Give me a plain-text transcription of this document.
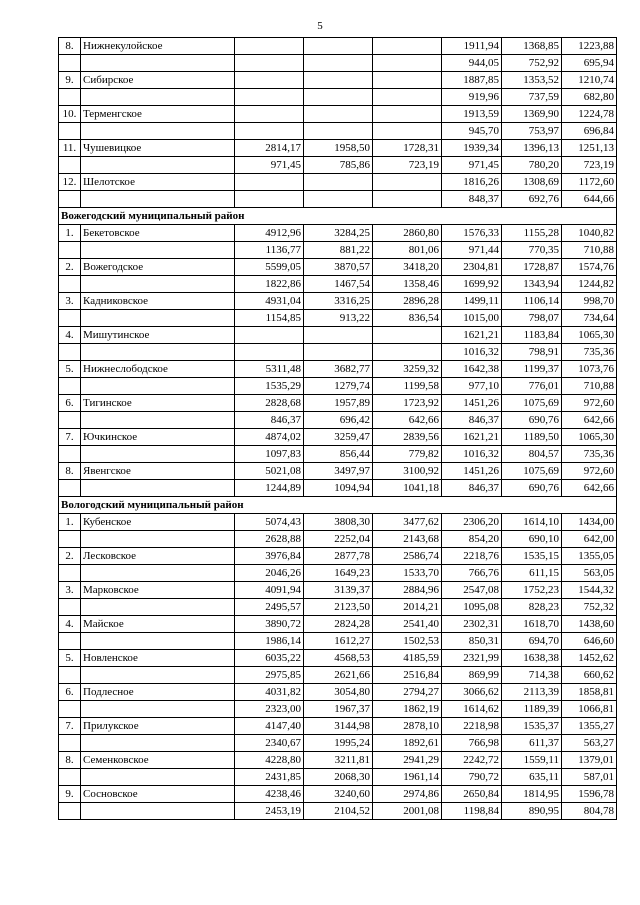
5
8.	Нижнекулойское				1911,94	1368,85	1223,88
					944,05	752,92	695,94
9.	Сибирское				1887,85	1353,52	1210,74
					919,96	737,59	682,80
10.	Терменгское				1913,59	1369,90	1224,78
					945,70	753,97	696,84
11.	Чушевицкое	2814,17	1958,50	1728,31	1939,34	1396,13	1251,13
		971,45	785,86	723,19	971,45	780,20	723,19
12.	Шелотское				1816,26	1308,69	1172,60
					848,37	692,76	644,66
Вожегодский муниципальный район							
1.	Бекетовское	4912,96	3284,25	2860,80	1576,33	1155,28	1040,82
		1136,77	881,22	801,06	971,44	770,35	710,88
2.	Вожегодское	5599,05	3870,57	3418,20	2304,81	1728,87	1574,76
		1822,86	1467,54	1358,46	1699,92	1343,94	1244,82
3.	Кадниковское	4931,04	3316,25	2896,28	1499,11	1106,14	998,70
		1154,85	913,22	836,54	1015,00	798,07	734,64
4.	Мишутинское				1621,21	1183,84	1065,30
					1016,32	798,91	735,36
5.	Нижнеслободское	5311,48	3682,77	3259,32	1642,38	1199,37	1073,76
		1535,29	1279,74	1199,58	977,10	776,01	710,88
6.	Тигинское	2828,68	1957,89	1723,92	1451,26	1075,69	972,60
		846,37	696,42	642,66	846,37	690,76	642,66
7.	Ючкинское	4874,02	3259,47	2839,56	1621,21	1189,50	1065,30
		1097,83	856,44	779,82	1016,32	804,57	735,36
8.	Явенгское	5021,08	3497,97	3100,92	1451,26	1075,69	972,60
		1244,89	1094,94	1041,18	846,37	690,76	642,66
Вологодский муниципальный район							
1.	Кубенское	5074,43	3808,30	3477,62	2306,20	1614,10	1434,00
		2628,88	2252,04	2143,68	854,20	690,10	642,00
2.	Лесковское	3976,84	2877,78	2586,74	2218,76	1535,15	1355,05
		2046,26	1649,23	1533,70	766,76	611,15	563,05
3.	Марковское	4091,94	3139,37	2884,96	2547,08	1752,23	1544,32
		2495,57	2123,50	2014,21	1095,08	828,23	752,32
4.	Майское	3890,72	2824,28	2541,40	2302,31	1618,70	1438,60
		1986,14	1612,27	1502,53	850,31	694,70	646,60
5.	Новленское	6035,22	4568,53	4185,59	2321,99	1638,38	1452,62
		2975,85	2621,66	2516,84	869,99	714,38	660,62
6.	Подлесное	4031,82	3054,80	2794,27	3066,62	2113,39	1858,81
		2323,00	1967,37	1862,19	1614,62	1189,39	1066,81
7.	Прилукское	4147,40	3144,98	2878,10	2218,98	1535,37	1355,27
		2340,67	1995,24	1892,61	766,98	611,37	563,27
8.	Семенковское	4228,80	3211,81	2941,29	2242,72	1559,11	1379,01
		2431,85	2068,30	1961,14	790,72	635,11	587,01
9.	Сосновское	4238,46	3240,60	2974,86	2650,84	1814,95	1596,78
		2453,19	2104,52	2001,08	1198,84	890,95	804,78
